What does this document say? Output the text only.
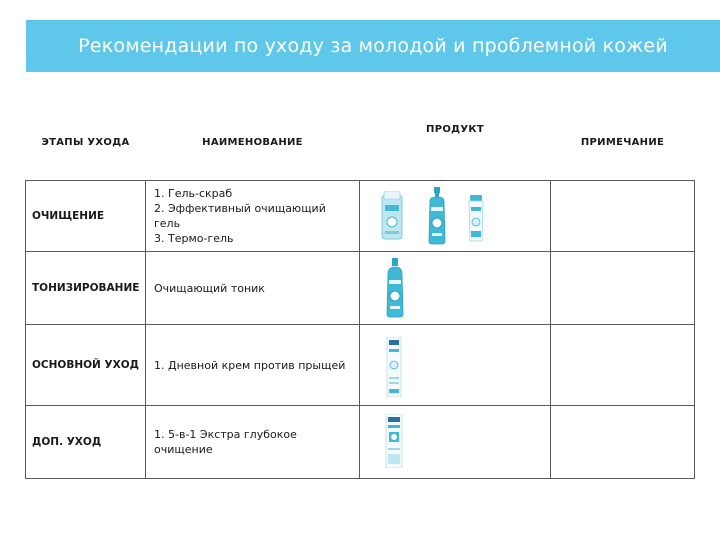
Рекомендации по уходу за молодой и проблемной кожей
ЭТАПЫ УХОДА	НАИМЕНОВАНИЕ	ПРОДУКТ	ПРИМЕЧАНИЕ
ОЧИЩЕНИЕ	1. Гель-скраб
2. Эффективный очищающий гель
3. Термо-гель

ТОНИЗИРОВАНИЕ	Очищающий тоник

ОСНОВНОЙ УХОД	1. Дневной крем против прыщей

ДОП. УХОД	1. 5-в-1 Экстра глубокое очищение
